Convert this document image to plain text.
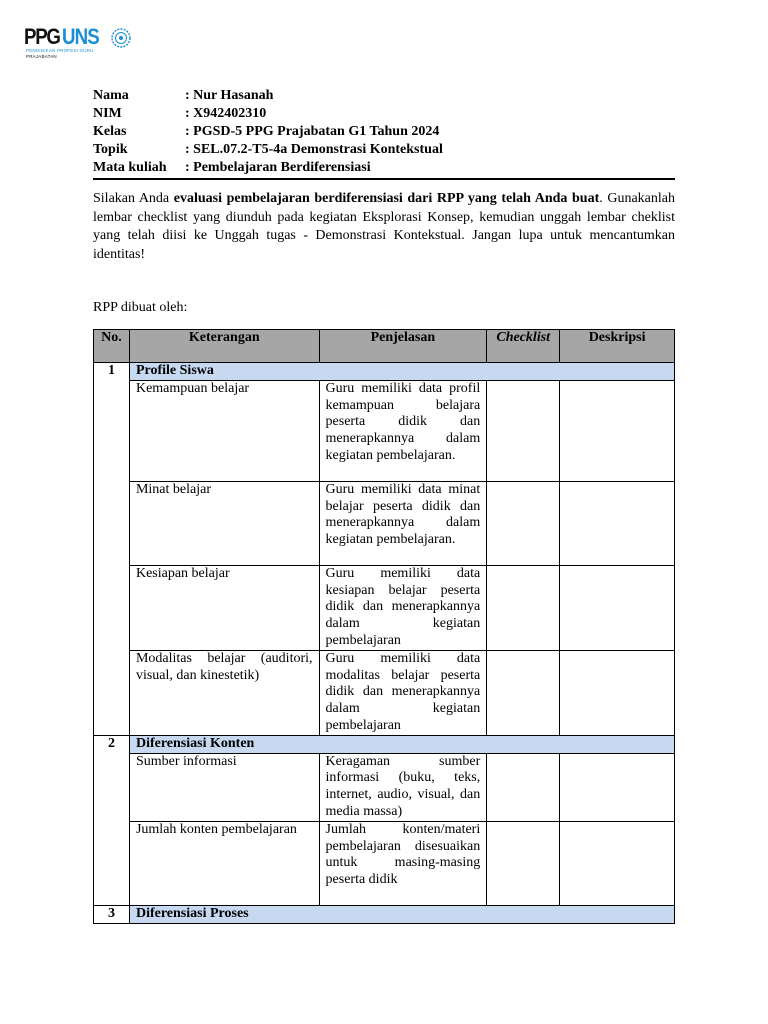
PPG UNS
PENDIDIKAN PROFESI GURU
PRAJABATAN
Nama	: Nur Hasanah
NIM	: X942402310
Kelas	: PGSD-5 PPG Prajabatan G1 Tahun 2024
Topik	: SEL.07.2-T5-4a Demonstrasi Kontekstual
Mata kuliah	: Pembelajaran Berdiferensiasi

Silakan Anda evaluasi pembelajaran berdiferensiasi dari RPP yang telah Anda buat. Gunakanlah lembar checklist yang diunduh pada kegiatan Eksplorasi Konsep, kemudian unggah lembar cheklist yang telah diisi ke Unggah tugas - Demonstrasi Kontekstual. Jangan lupa untuk mencantumkan identitas!

RPP dibuat oleh:

No.	Keterangan	Penjelasan	Checklist	Deskripsi
1	Profile Siswa			
	Kemampuan belajar	Guru memiliki data profil kemampuan belajara peserta didik dan menerapkannya dalam kegiatan pembelajaran.		
	Minat belajar	Guru memiliki data minat belajar peserta didik dan menerapkannya dalam kegiatan pembelajaran.		
	Kesiapan belajar	Guru memiliki data kesiapan belajar peserta didik dan menerapkannya dalam kegiatan pembelajaran		
	Modalitas belajar (auditori, visual, dan kinestetik)	Guru memiliki data modalitas belajar peserta didik dan menerapkannya dalam kegiatan pembelajaran		
2	Diferensiasi Konten			
	Sumber informasi	Keragaman sumber informasi (buku, teks, internet, audio, visual, dan media massa)		
	Jumlah konten pembelajaran	Jumlah konten/materi pembelajaran disesuaikan untuk masing-masing peserta didik		
3	Diferensiasi Proses			
